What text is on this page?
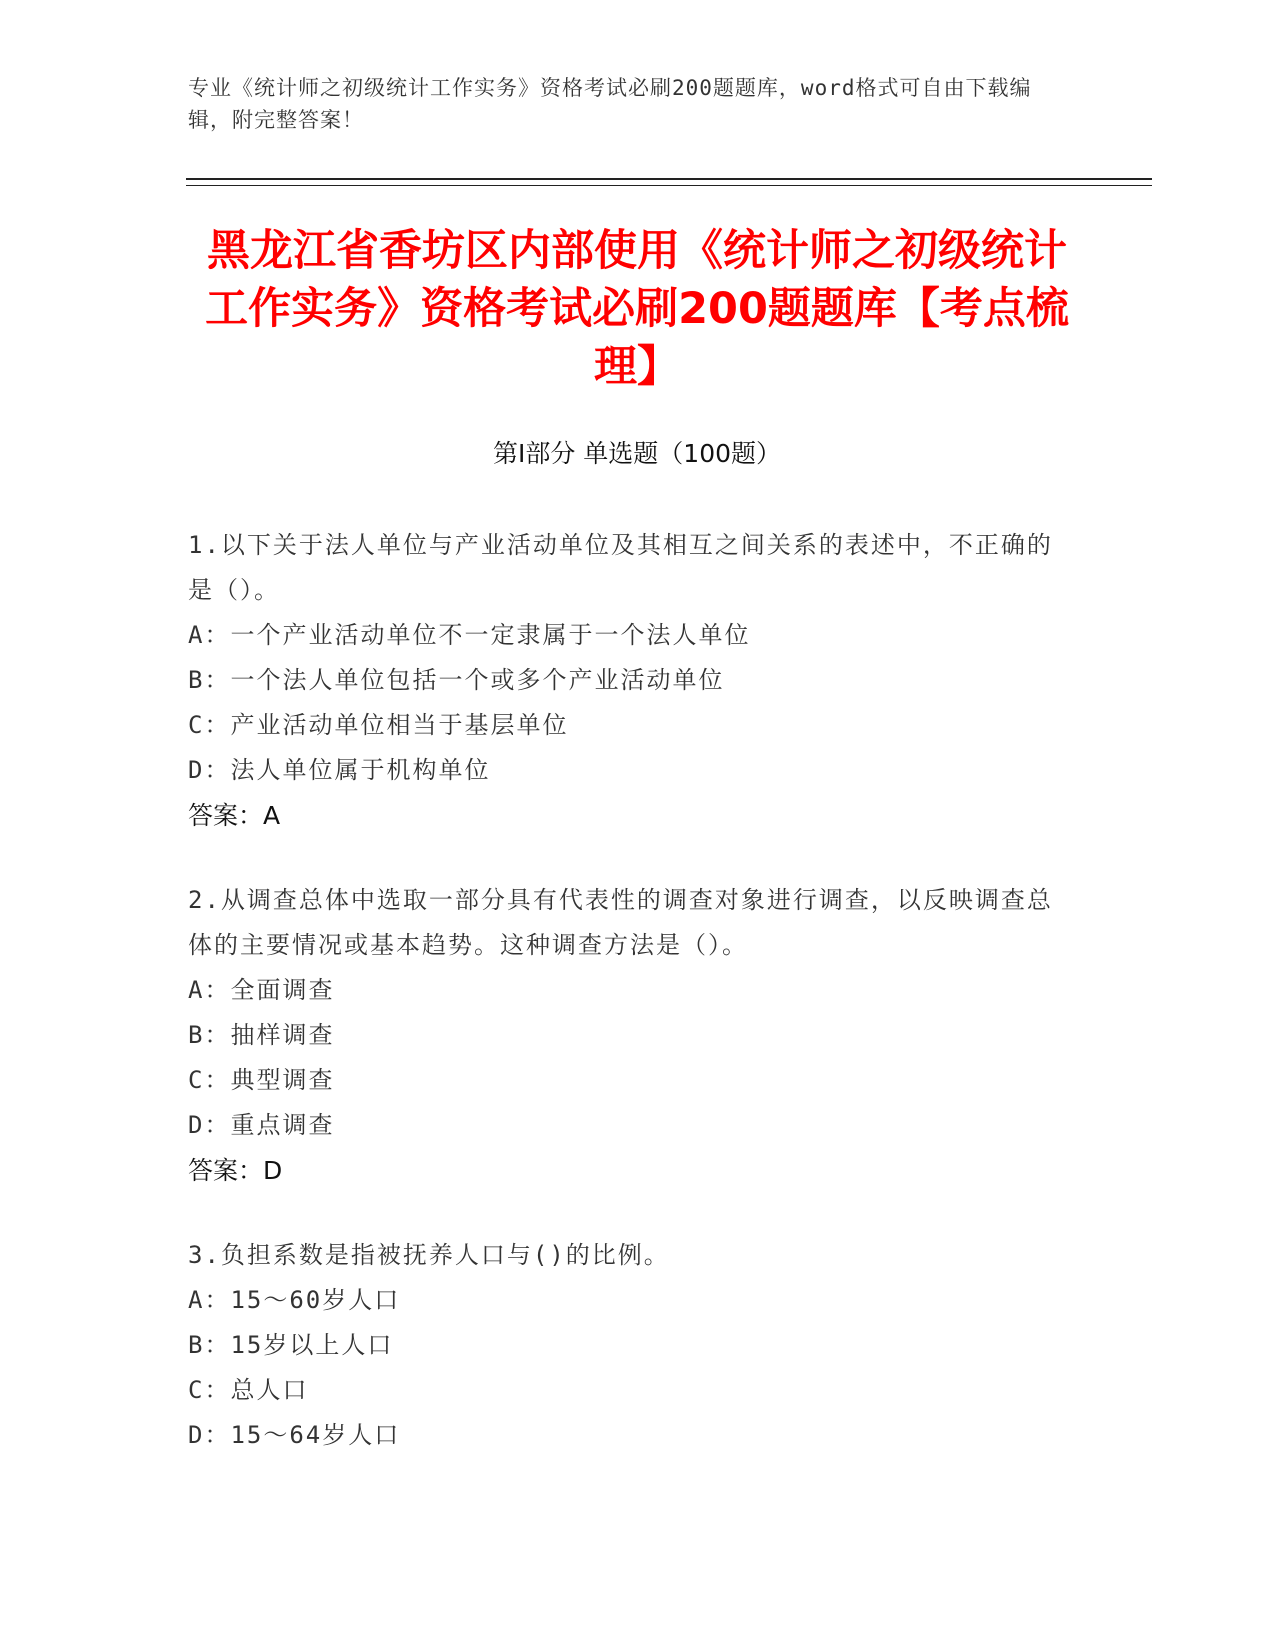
专业《统计师之初级统计工作实务》资格考试必刷200题题库，word格式可自由下载编辑，附完整答案！
黑龙江省香坊区内部使用《统计师之初级统计工作实务》资格考试必刷200题题库【考点梳理】
第Ⅰ部分 单选题（100题）
1.以下关于法人单位与产业活动单位及其相互之间关系的表述中，不正确的是（）。
A：一个产业活动单位不一定隶属于一个法人单位
B：一个法人单位包括一个或多个产业活动单位
C：产业活动单位相当于基层单位
D：法人单位属于机构单位
答案：A
2.从调查总体中选取一部分具有代表性的调查对象进行调查，以反映调查总体的主要情况或基本趋势。这种调查方法是（）。
A：全面调查
B：抽样调查
C：典型调查
D：重点调查
答案：D
3.负担系数是指被抚养人口与()的比例。
A：15～60岁人口
B：15岁以上人口
C：总人口
D：15～64岁人口
